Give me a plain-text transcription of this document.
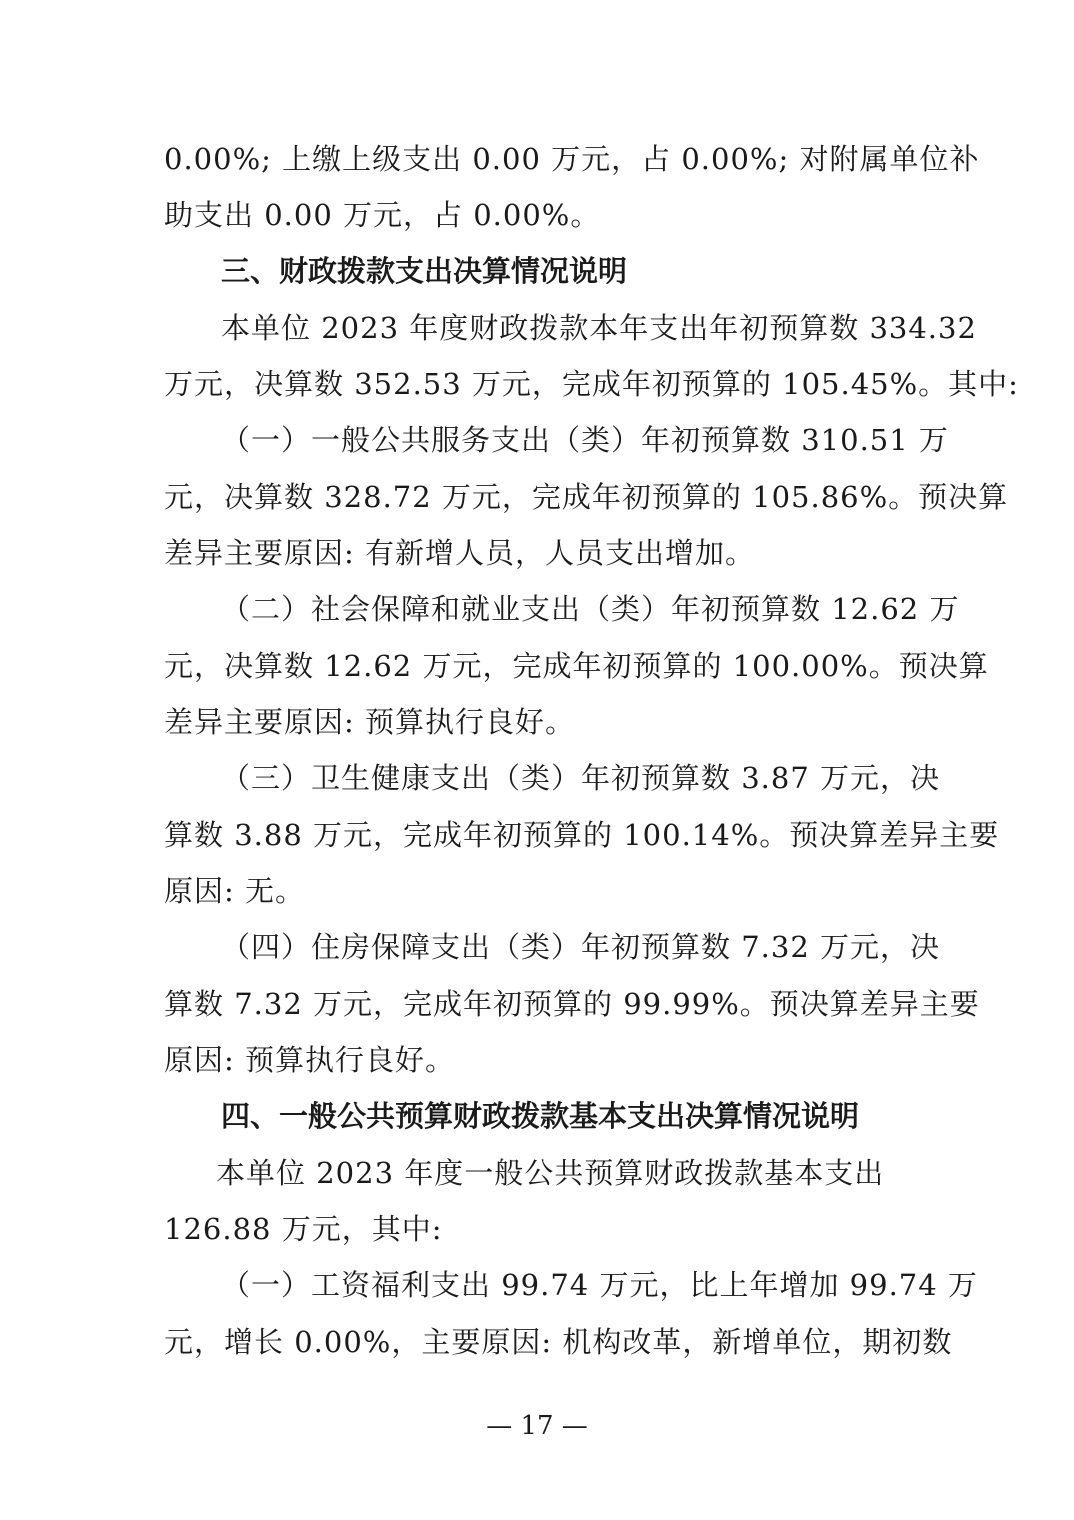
0.00%; 上缴上级支出 0.00 万元，占 0.00%; 对附属单位补
助支出 0.00 万元，占 0.00%。
三、财政拨款支出决算情况说明
本单位 2023 年度财政拨款本年支出年初预算数 334.32
万元，决算数 352.53 万元，完成年初预算的 105.45%。其中:
（一）一般公共服务支出（类）年初预算数 310.51 万
元，决算数 328.72 万元，完成年初预算的 105.86%。预决算
差异主要原因: 有新增人员，人员支出增加。
（二）社会保障和就业支出（类）年初预算数 12.62 万
元，决算数 12.62 万元，完成年初预算的 100.00%。预决算
差异主要原因: 预算执行良好。
（三）卫生健康支出（类）年初预算数 3.87 万元，决
算数 3.88 万元，完成年初预算的 100.14%。预决算差异主要
原因: 无。
（四）住房保障支出（类）年初预算数 7.32 万元，决
算数 7.32 万元，完成年初预算的 99.99%。预决算差异主要
原因: 预算执行良好。
四、一般公共预算财政拨款基本支出决算情况说明
本单位 2023 年度一般公共预算财政拨款基本支出
126.88 万元，其中:
（一）工资福利支出 99.74 万元，比上年增加 99.74 万
元，增长 0.00%，主要原因: 机构改革，新增单位，期初数
— 17 —
